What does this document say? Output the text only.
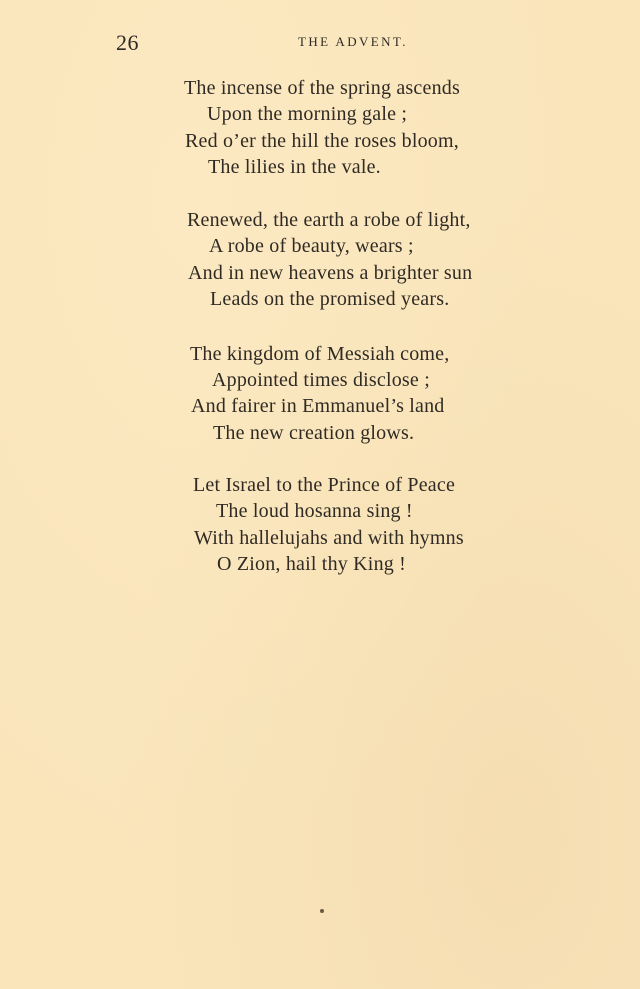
26	THE ADVENT.
The incense of the spring ascends
Upon the morning gale ;
Red o’er the hill the roses bloom,
The lilies in the vale.
Renewed, the earth a robe of light,
A robe of beauty, wears ;
And in new heavens a brighter sun
Leads on the promised years.
The kingdom of Messiah come,
Appointed times disclose ;
And fairer in Emmanuel’s land
The new creation glows.
Let Israel to the Prince of Peace
The loud hosanna sing !
With hallelujahs and with hymns
O Zion, hail thy King !
